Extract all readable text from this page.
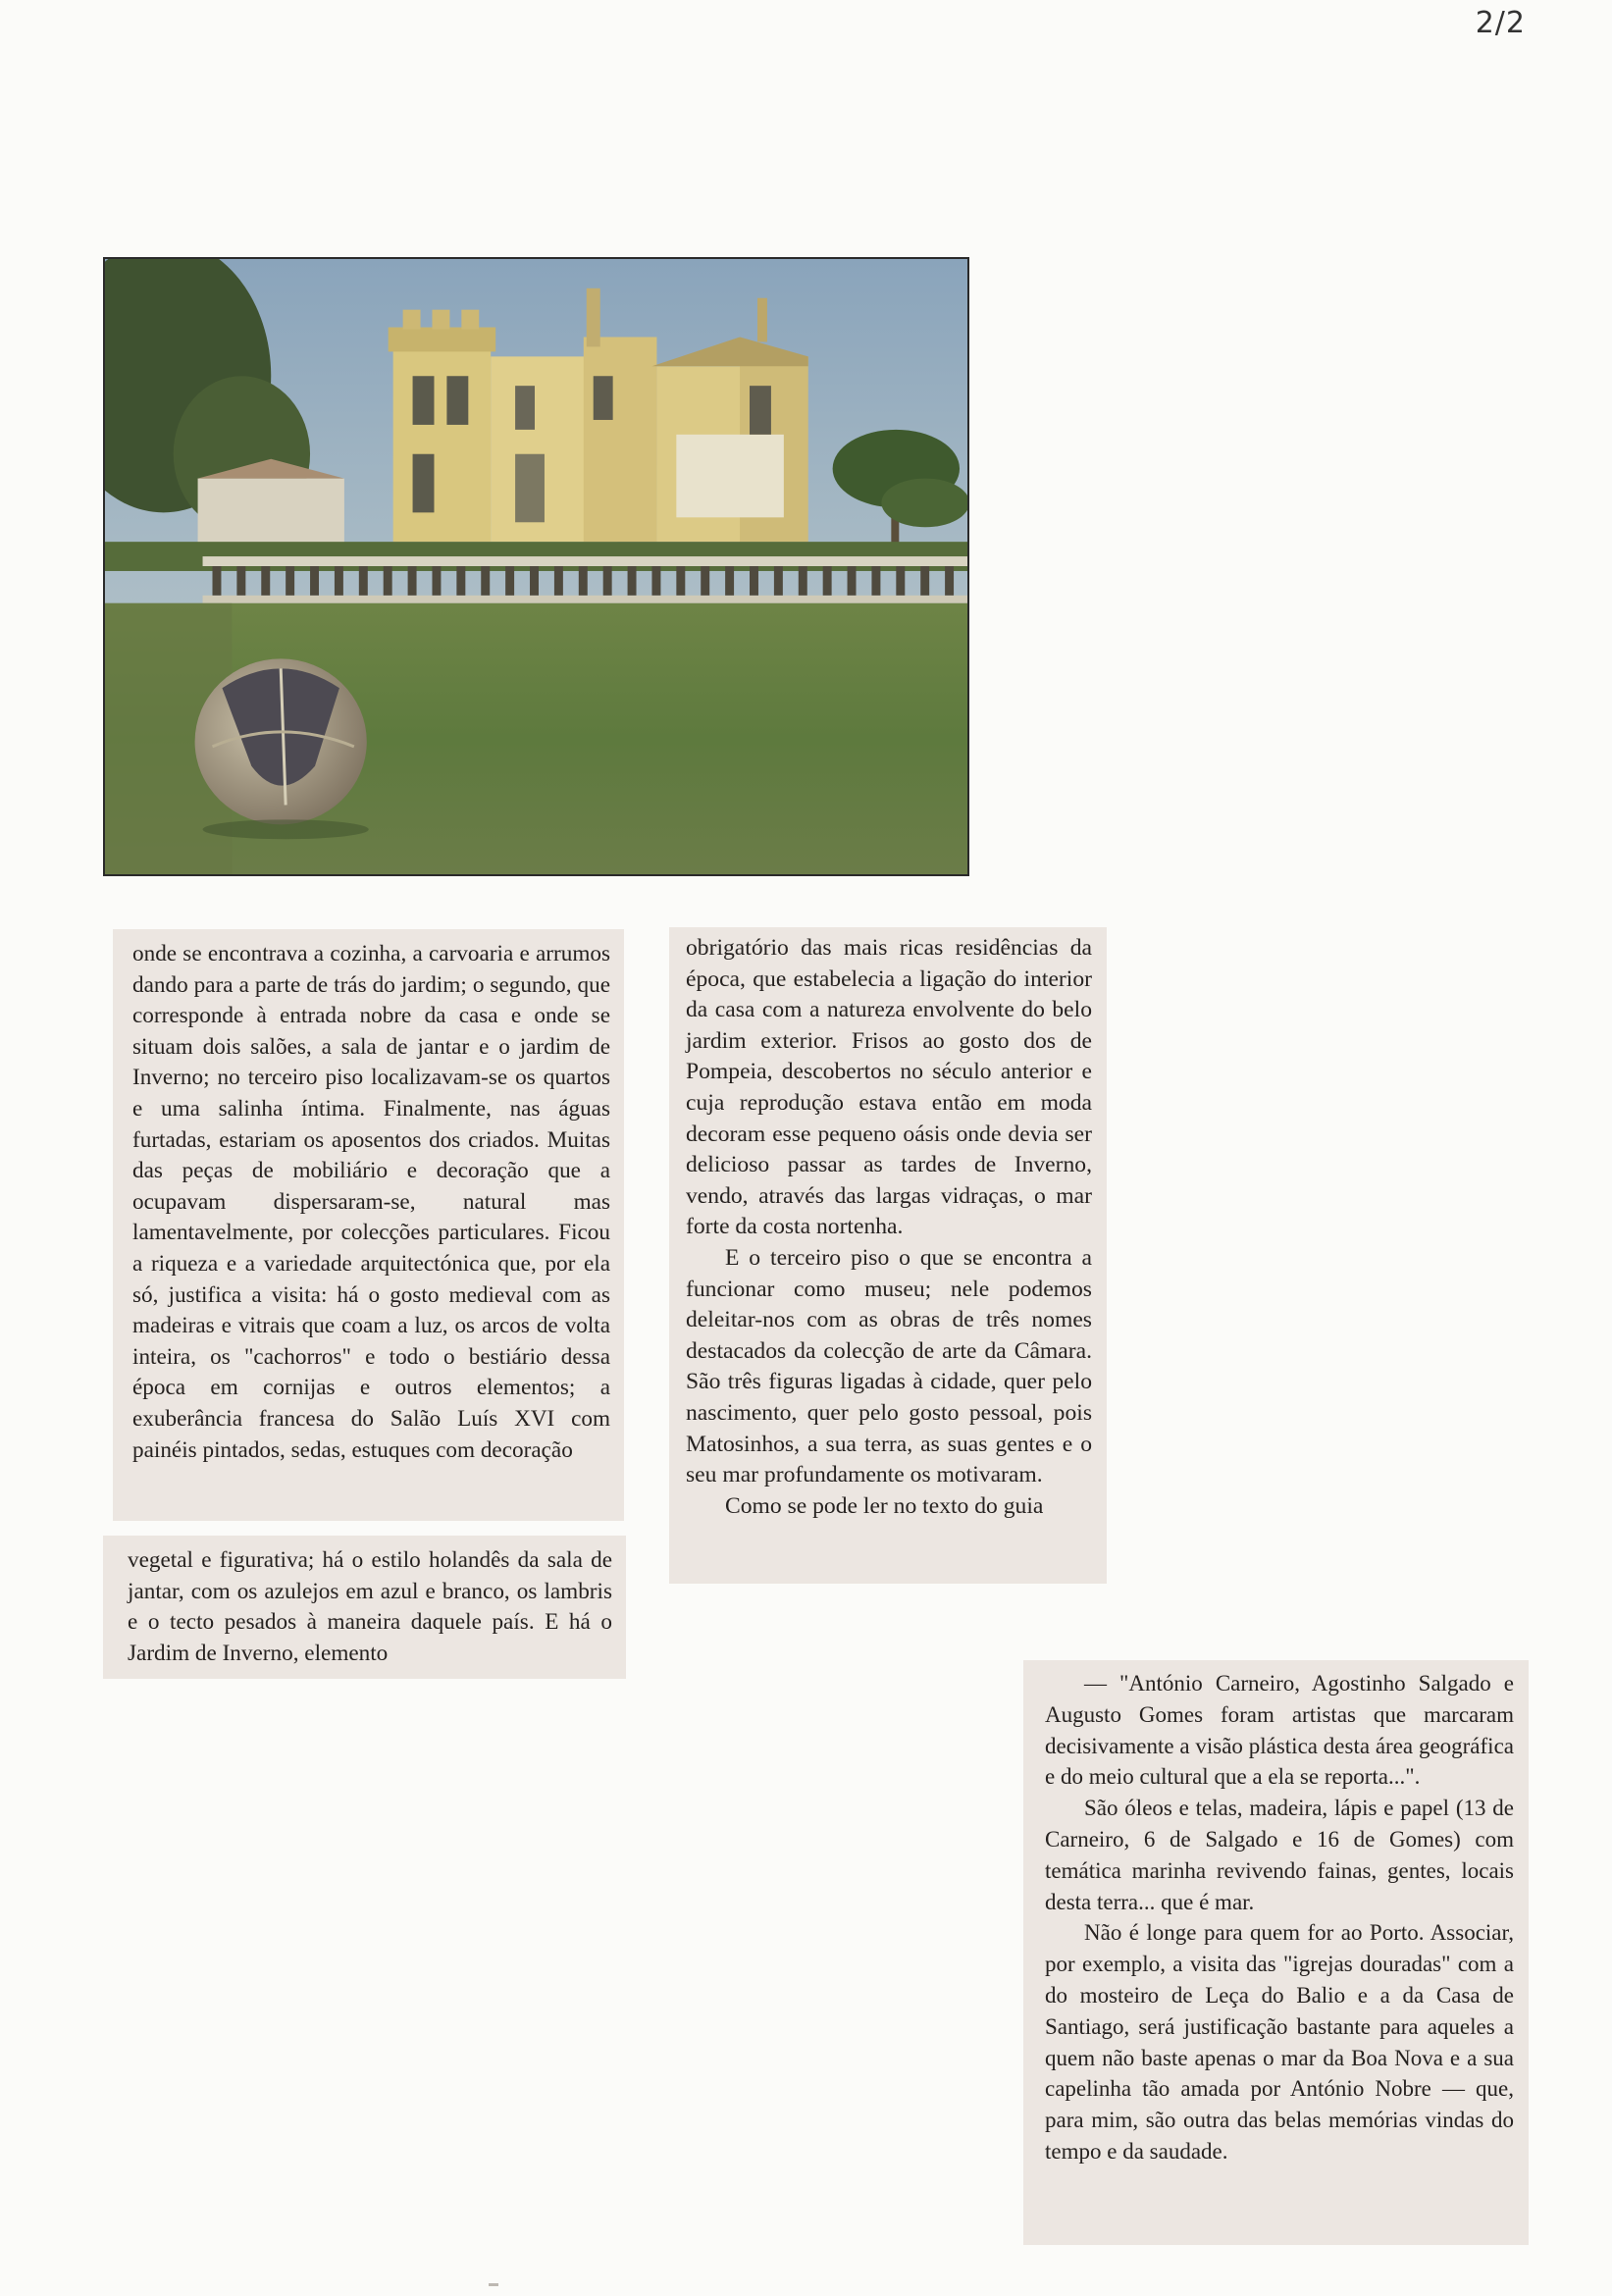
2/2

onde se encontrava a cozinha, a carvoaria e arrumos dando para a parte de trás do jardim; o segundo, que corresponde à entrada nobre da casa e onde se situam dois salões, a sala de jantar e o jardim de Inverno; no terceiro piso localizavam-se os quartos e uma salinha íntima. Finalmente, nas águas furtadas, estariam os aposentos dos criados. Muitas das peças de mobiliário e decoração que a ocupavam dispersaram-se, natural mas lamentavelmente, por colecções particulares. Ficou a riqueza e a variedade arquitectónica que, por ela só, justifica a visita: há o gosto medieval com as madeiras e vitrais que coam a luz, os arcos de volta inteira, os "cachorros" e todo o bestiário dessa época em cornijas e outros elementos; a exuberância francesa do Salão Luís XVI com painéis pintados, sedas, estuques com decoração

vegetal e figurativa; há o estilo holandês da sala de jantar, com os azulejos em azul e branco, os lambris e o tecto pesados à maneira daquele país. E há o Jardim de Inverno, elemento

obrigatório das mais ricas residências da época, que estabelecia a ligação do interior da casa com a natureza envolvente do belo jardim exterior. Frisos ao gosto dos de Pompeia, descobertos no século anterior e cuja reprodução estava então em moda decoram esse pequeno oásis onde devia ser delicioso passar as tardes de Inverno, vendo, através das largas vidraças, o mar forte da costa nortenha.

E o terceiro piso o que se encontra a funcionar como museu; nele podemos deleitar-nos com as obras de três nomes destacados da colecção de arte da Câmara. São três figuras ligadas à cidade, quer pelo nascimento, quer pelo gosto pessoal, pois Matosinhos, a sua terra, as suas gentes e o seu mar profundamente os motivaram.

Como se pode ler no texto do guia

— "António Carneiro, Agostinho Salgado e Augusto Gomes foram artistas que marcaram decisivamente a visão plástica desta área geográfica e do meio cultural que a ela se reporta...".

São óleos e telas, madeira, lápis e papel (13 de Carneiro, 6 de Salgado e 16 de Gomes) com temática marinha revivendo fainas, gentes, locais desta terra... que é mar.

Não é longe para quem for ao Porto. Associar, por exemplo, a visita das "igrejas douradas" com a do mosteiro de Leça do Balio e a da Casa de Santiago, será justificação bastante para aqueles a quem não baste apenas o mar da Boa Nova e a sua capelinha tão amada por António Nobre — que, para mim, são outra das belas memórias vindas do tempo e da saudade.
